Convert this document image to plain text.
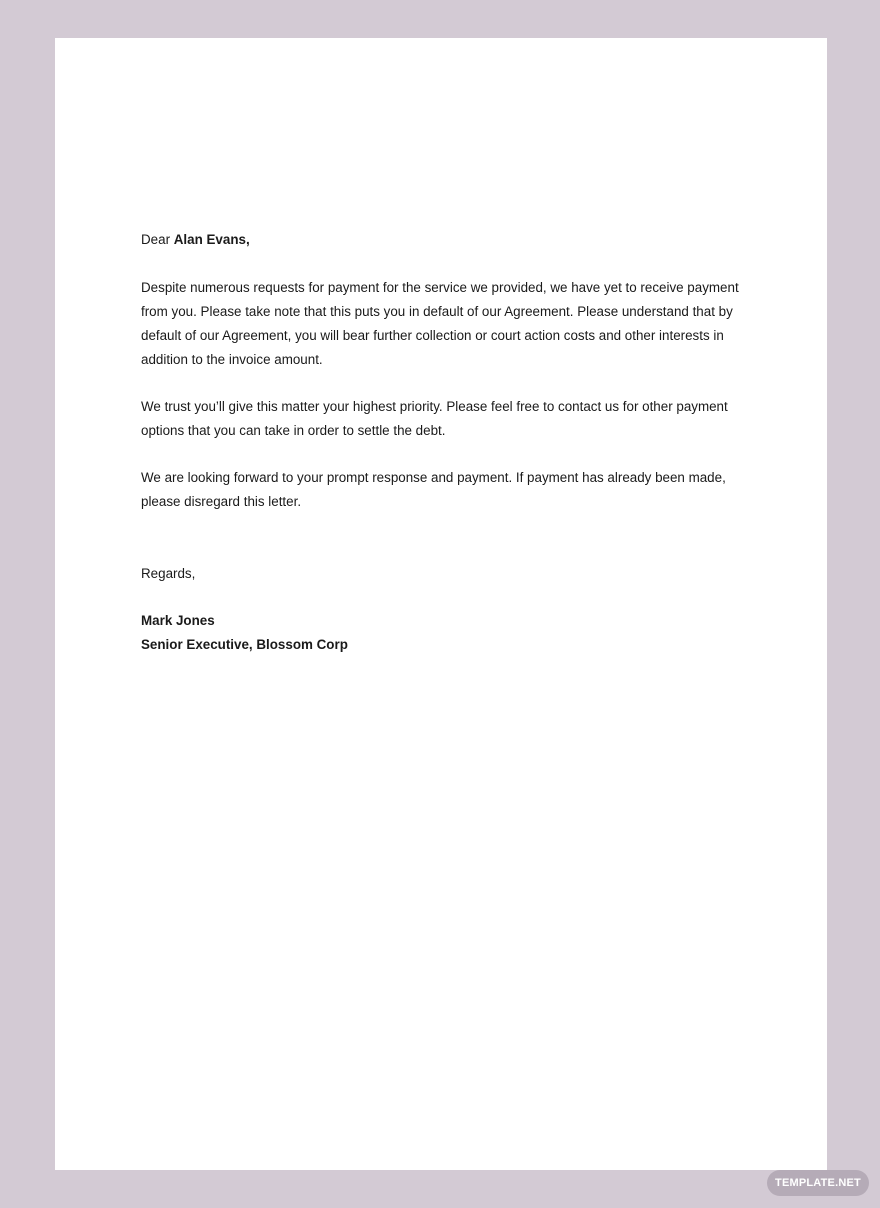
Dear Alan Evans,

Despite numerous requests for payment for the service we provided, we have yet to receive payment from you. Please take note that this puts you in default of our Agreement. Please understand that by default of our Agreement, you will bear further collection or court action costs and other interests in addition to the invoice amount.

We trust you’ll give this matter your highest priority. Please feel free to contact us for other payment options that you can take in order to settle the debt.

We are looking forward to your prompt response and payment. If payment has already been made, please disregard this letter.

Regards,

Mark Jones

Senior Executive, Blossom Corp

TEMPLATE.NET
